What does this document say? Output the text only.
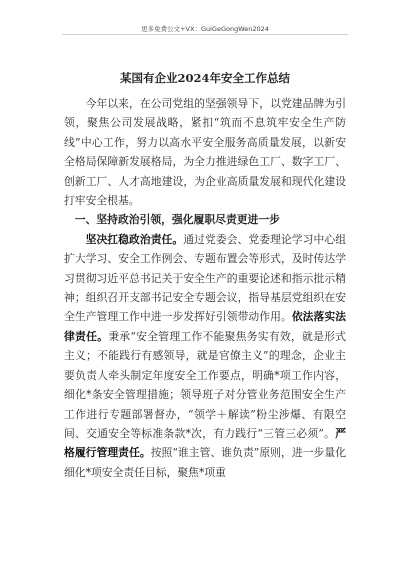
更多免费公文+VX：GuiGeGongWen2024
某国有企业2024年安全工作总结

今年以来，在公司党组的坚强领导下，以党建品牌为引领，聚焦公司发展战略，紧扣“筑而不息筑牢安全生产防线”中心工作，努力以高水平安全服务高质量发展，以新安全格局保障新发展格局，为全力推进绿色工厂、数字工厂、创新工厂、人才高地建设，为企业高质量发展和现代化建设打牢安全根基。

一、坚持政治引领，强化履职尽责更进一步

坚决扛稳政治责任。通过党委会、党委理论学习中心组扩大学习、安全工作例会、专题布置会等形式，及时传达学习贯彻习近平总书记关于安全生产的重要论述和指示批示精神；组织召开支部书记安全专题会议，指导基层党组织在安全生产管理工作中进一步发挥好引领带动作用。依法落实法律责任。秉承“安全管理工作不能聚焦务实有效，就是形式主义；不能践行有感领导，就是官僚主义”的理念，企业主要负责人牵头制定年度安全工作要点，明确*项工作内容，细化*条安全管理措施；领导班子对分管业务范围安全生产工作进行专题部署督办，“领学＋解读”粉尘涉爆、有限空间、交通安全等标准条款*次，有力践行“三管三必须”。严格履行管理责任。按照“谁主管、谁负责”原则，进一步量化细化*项安全责任目标，聚焦*项重
